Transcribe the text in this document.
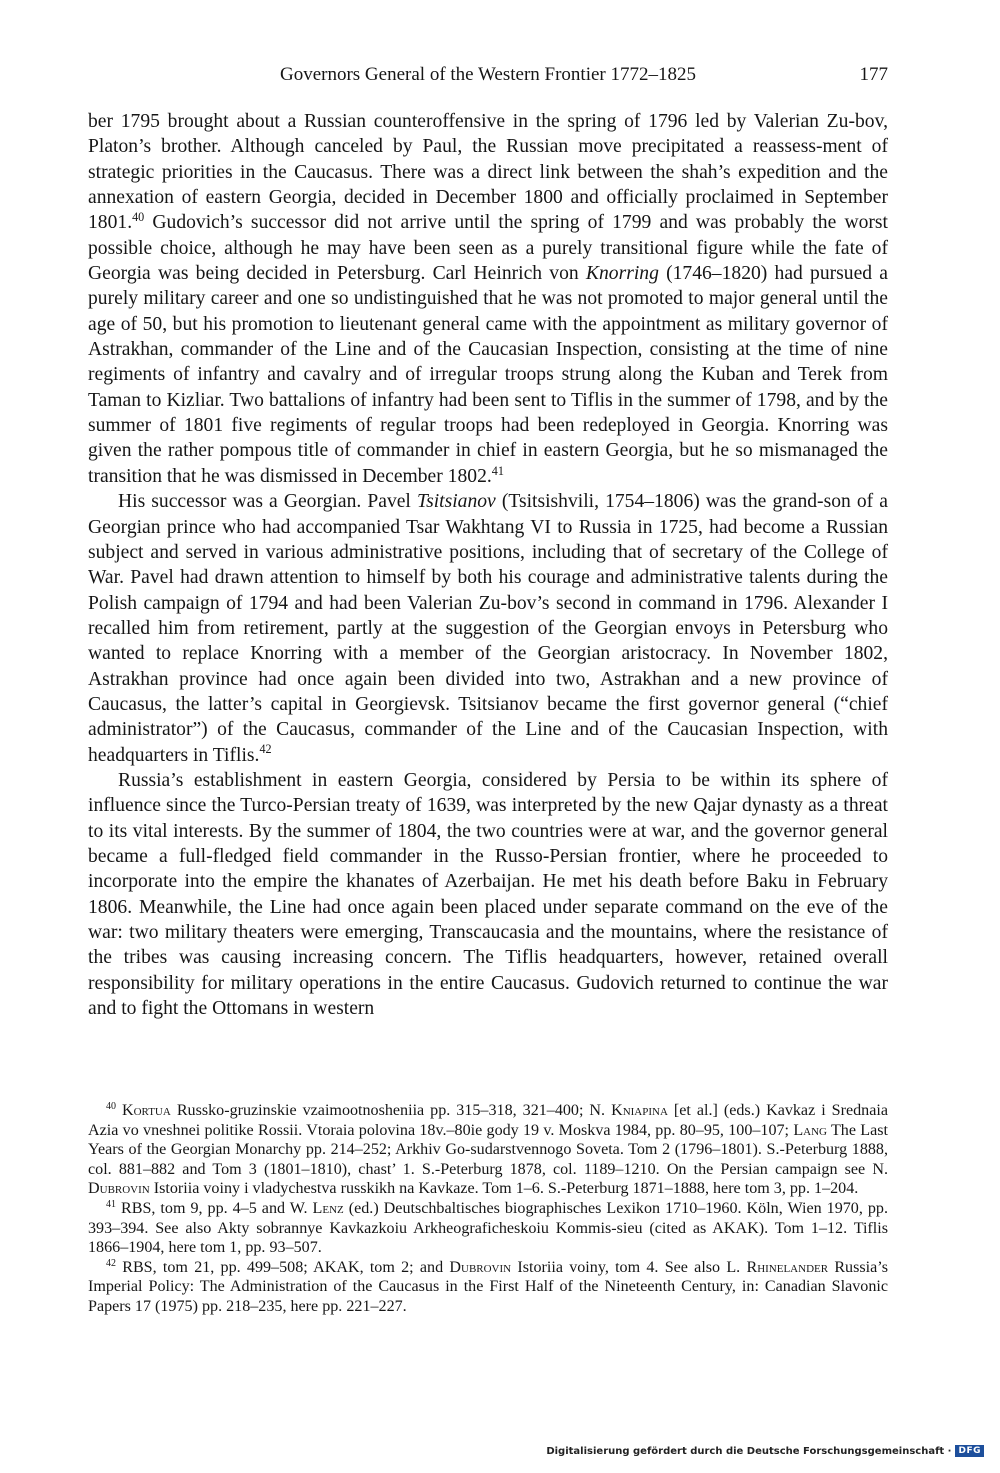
Governors General of the Western Frontier 1772–1825	177

ber 1795 brought about a Russian counteroffensive in the spring of 1796 led by Valerian Zu-bov, Platon’s brother. Although canceled by Paul, the Russian move precipitated a reassess-ment of strategic priorities in the Caucasus. There was a direct link between the shah’s expedition and the annexation of eastern Georgia, decided in December 1800 and officially proclaimed in September 1801.40 Gudovich’s successor did not arrive until the spring of 1799 and was probably the worst possible choice, although he may have been seen as a purely transitional figure while the fate of Georgia was being decided in Petersburg. Carl Heinrich von Knorring (1746–1820) had pursued a purely military career and one so undistinguished that he was not promoted to major general until the age of 50, but his promotion to lieutenant general came with the appointment as military governor of Astrakhan, commander of the Line and of the Caucasian Inspection, consisting at the time of nine regiments of infantry and cavalry and of irregular troops strung along the Kuban and Terek from Taman to Kizliar. Two battalions of infantry had been sent to Tiflis in the summer of 1798, and by the summer of 1801 five regiments of regular troops had been redeployed in Georgia. Knorring was given the rather pompous title of commander in chief in eastern Georgia, but he so mismanaged the transition that he was dismissed in December 1802.41

His successor was a Georgian. Pavel Tsitsianov (Tsitsishvili, 1754–1806) was the grand-son of a Georgian prince who had accompanied Tsar Wakhtang VI to Russia in 1725, had become a Russian subject and served in various administrative positions, including that of secretary of the College of War. Pavel had drawn attention to himself by both his courage and administrative talents during the Polish campaign of 1794 and had been Valerian Zu-bov’s second in command in 1796. Alexander I recalled him from retirement, partly at the suggestion of the Georgian envoys in Petersburg who wanted to replace Knorring with a member of the Georgian aristocracy. In November 1802, Astrakhan province had once again been divided into two, Astrakhan and a new province of Caucasus, the latter’s capital in Georgievsk. Tsitsianov became the first governor general (“chief administrator”) of the Caucasus, commander of the Line and of the Caucasian Inspection, with headquarters in Tiflis.$^{42}$

Russia’s establishment in eastern Georgia, considered by Persia to be within its sphere of influence since the Turco-Persian treaty of 1639, was interpreted by the new Qajar dynasty as a threat to its vital interests. By the summer of 1804, the two countries were at war, and the governor general became a full-fledged field commander in the Russo-Persian frontier, where he proceeded to incorporate into the empire the khanates of Azerbaijan. He met his death before Baku in February 1806. Meanwhile, the Line had once again been placed under separate command on the eve of the war: two military theaters were emerging, Transcaucasia and the mountains, where the resistance of the tribes was causing increasing concern. The Tiflis headquarters, however, retained overall responsibility for military operations in the entire Caucasus. Gudovich returned to continue the war and to fight the Ottomans in western

$^{40}$ Kortua Russko-gruzinskie vzaimootnosheniia pp. 315–318, 321–400; N. Kniapina [et al.] (eds.) Kavkaz i Srednaia Azia vo vneshnei politike Rossii. Vtoraia polovina 18v.–80ie gody 19 v. Moskva 1984, pp. 80–95, 100–107; Lang The Last Years of the Georgian Monarchy pp. 214–252; Arkhiv Go-sudarstvennogo Soveta. Tom 2 (1796–1801). S.-Peterburg 1888, col. 881–882 and Tom 3 (1801–1810), chast’ 1. S.-Peterburg 1878, col. 1189–1210. On the Persian campaign see N. Dubrovin Istoriia voiny i vladychestva russkikh na Kavkaze. Tom 1–6. S.-Peterburg 1871–1888, here tom 3, pp. 1–204.

$^{41}$ RBS, tom 9, pp. 4–5 and W. Lenz (ed.) Deutschbaltisches biographisches Lexikon 1710–1960. Köln, Wien 1970, pp. 393–394. See also Akty sobrannye Kavkazkoiu Arkheograficheskoiu Kommis-sieu (cited as AKAK). Tom 1–12. Tiflis 1866–1904, here tom 1, pp. 93–507.

$^{42}$ RBS, tom 21, pp. 499–508; AKAK, tom 2; and Dubrovin Istoriia voiny, tom 4. See also L. Rhinelander Russia’s Imperial Policy: The Administration of the Caucasus in the First Half of the Nineteenth Century, in: Canadian Slavonic Papers 17 (1975) pp. 218–235, here pp. 221–227.

Digitalisierung gefördert durch die Deutsche Forschungsgemeinschaft · DFG
